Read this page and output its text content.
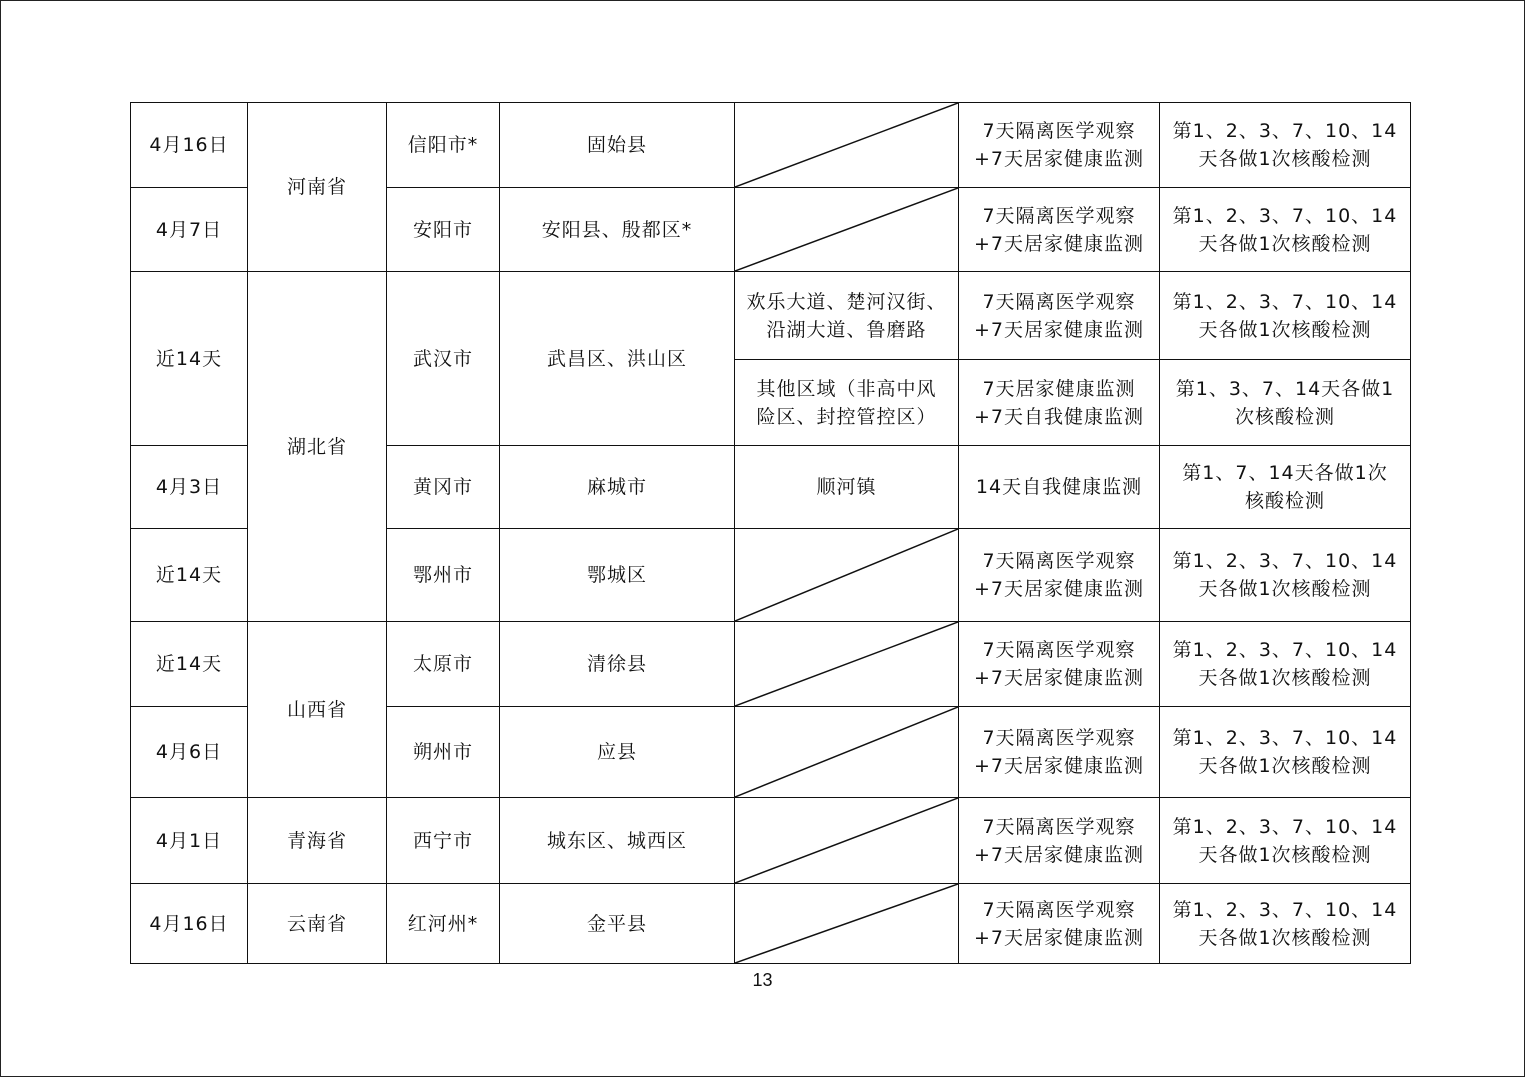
4月16日	河南省	信阳市*	固始县		7天隔离医学观察
+7天居家健康监测	第1、2、3、7、10、14
天各做1次核酸检测
4月7日		安阳市	安阳县、殷都区*		7天隔离医学观察
+7天居家健康监测	第1、2、3、7、10、14
天各做1次核酸检测
近14天	湖北省	武汉市	武昌区、洪山区	欢乐大道、楚河汉街、
沿湖大道、鲁磨路	7天隔离医学观察
+7天居家健康监测	第1、2、3、7、10、14
天各做1次核酸检测
				其他区域（非高中风
险区、封控管控区）	7天居家健康监测
+7天自我健康监测	第1、3、7、14天各做1
次核酸检测
4月3日		黄冈市	麻城市	顺河镇	14天自我健康监测	第1、7、14天各做1次
核酸检测
近14天		鄂州市	鄂城区		7天隔离医学观察
+7天居家健康监测	第1、2、3、7、10、14
天各做1次核酸检测
近14天	山西省	太原市	清徐县		7天隔离医学观察
+7天居家健康监测	第1、2、3、7、10、14
天各做1次核酸检测
4月6日		朔州市	应县		7天隔离医学观察
+7天居家健康监测	第1、2、3、7、10、14
天各做1次核酸检测
4月1日	青海省	西宁市	城东区、城西区		7天隔离医学观察
+7天居家健康监测	第1、2、3、7、10、14
天各做1次核酸检测
4月16日	云南省	红河州*	金平县		7天隔离医学观察
+7天居家健康监测	第1、2、3、7、10、14
天各做1次核酸检测
13
